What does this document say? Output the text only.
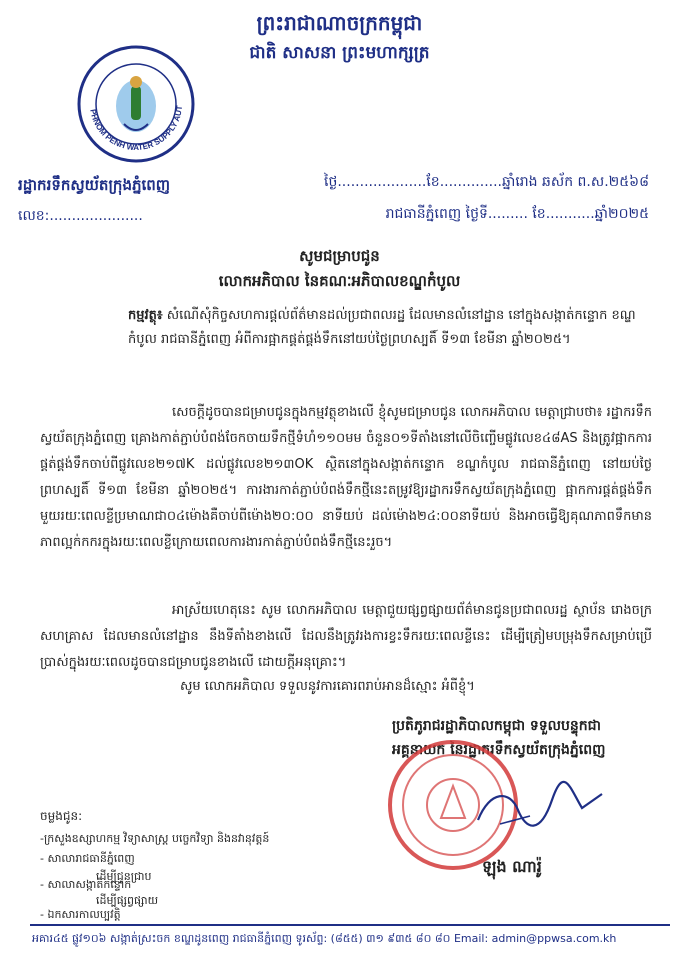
ព្រះរាជាណាចក្រកម្ពុជា
ជាតិ សាសនា ព្រះមហាក្សត្រ
PHNOM PENH WATER SUPPLY AUT
រដ្ឋាករទឹកស្វយ័តក្រុងភ្នំពេញ
លេខ:.....................
ថ្ងៃ....................ខែ..............ឆ្នាំរោង ឆស័ក ព.ស.២៥៦៨
រាជធានីភ្នំពេញ ថ្ងៃទី......... ខែ...........ឆ្នាំ២០២៥
សូមជម្រាបជូន
លោកអភិបាល នៃគណៈអភិបាលខណ្ឌកំបូល
កម្មវត្ថុ៖ សំណើសុំកិច្ចសហការផ្តល់ព័ត៌មានដល់ប្រជាពលរដ្ឋ ដែលមានលំនៅដ្ឋាន នៅក្នុងសង្កាត់កន្ទោក ខណ្ឌកំបូល រាជធានីភ្នំពេញ អំពីការផ្អាកផ្គត់ផ្គង់ទឹកនៅយប់ថ្ងៃព្រហស្បតិ៍ ទី១៣ ខែមីនា ឆ្នាំ២០២៥។
សេចក្តីដូចបានជម្រាបជូនក្នុងកម្មវត្ថុខាងលើ ខ្ញុំសូមជម្រាបជូន លោកអភិបាល មេត្តាជ្រាបថា៖ រដ្ឋាករទឹកស្វយ័តក្រុងភ្នំពេញ គ្រោងកាត់ភ្ជាប់បំពង់ចែកចាយទឹកថ្មីទំហំ១១០មម ចំនួន០១ទីតាំងនៅលើចិញ្ចើមផ្លូវលេខ៤៨AS និងត្រូវផ្អាកការផ្គត់ផ្គង់ទឹកចាប់ពីផ្លូវលេខ២១៧K ដល់ផ្លូវលេខ២១៣OK ស្ថិតនៅក្នុងសង្កាត់កន្ទោក ខណ្ឌកំបូល រាជធានីភ្នំពេញ នៅយប់ថ្ងៃព្រហស្បតិ៍ ទី១៣ ខែមីនា ឆ្នាំ២០២៥។ ការងារកាត់ភ្ជាប់បំពង់ទឹកថ្មីនេះតម្រូវឱ្យរដ្ឋាករទឹកស្វយ័តក្រុងភ្នំពេញ ផ្អាកការផ្គត់ផ្គង់ទឹក មួយរយៈពេលខ្លីប្រមាណជា០៤ម៉ោងគឺចាប់ពីម៉ោង២០:០០ នាទីយប់ ដល់ម៉ោង២៤:០០នាទីយប់ និងអាចធ្វើឱ្យគុណភាពទឹកមានភាពល្អក់កករក្នុងរយៈពេលខ្លីក្រោយពេលការងារកាត់ភ្ជាប់បំពង់ទឹកថ្មីនេះរួច។
អាស្រ័យហេតុនេះ សូម លោកអភិបាល មេត្តាជួយផ្សព្វផ្សាយព័ត៌មានជូនប្រជាពលរដ្ឋ ស្ថាប័ន រោងចក្រ សហគ្រាស ដែលមានលំនៅដ្ឋាន នឹងទីតាំងខាងលើ ដែលនឹងត្រូវរងការខ្វះទឹករយៈពេលខ្លីនេះ ដើម្បីត្រៀមបម្រុងទឹកសម្រាប់ប្រើប្រាស់ក្នុងរយៈពេលដូចបានជម្រាបជូនខាងលើ ដោយក្តីអនុគ្រោះ។
សូម លោកអភិបាល ទទួលនូវការគោរពរាប់អានដ៏ស្មោះ អំពីខ្ញុំ។
ប្រតិភូរាជរដ្ឋាភិបាលកម្ពុជា ទទួលបន្ទុកជា
អគ្គនាយក នៃរដ្ឋាករទឹកស្វយ័តក្រុងភ្នំពេញ
ឡុង ណារ៉ូ
ចម្លងជូន:
-ក្រសួងឧស្សាហកម្ម វិទ្យាសាស្ត្រ បច្ចេកវិទ្យា និងនវានុវត្តន៍
- សាលារាជធានីភ្នំពេញ
ដើម្បីជូនជ្រាប
- សាលាសង្កាត់កន្ទោក
ដើម្បីផ្សព្វផ្សាយ
អគារ៤៥ ផ្លូវ១០៦ សង្កាត់ស្រះចក ខណ្ឌដូនពេញ រាជធានីភ្នំពេញ ទូរស័ព្ទ: (៨៥៥) ៣១ ៩៣៥ ៨០ ៨០ Email: admin@ppwsa.com.kh
- ឯកសារកាលប្បវត្តិ
